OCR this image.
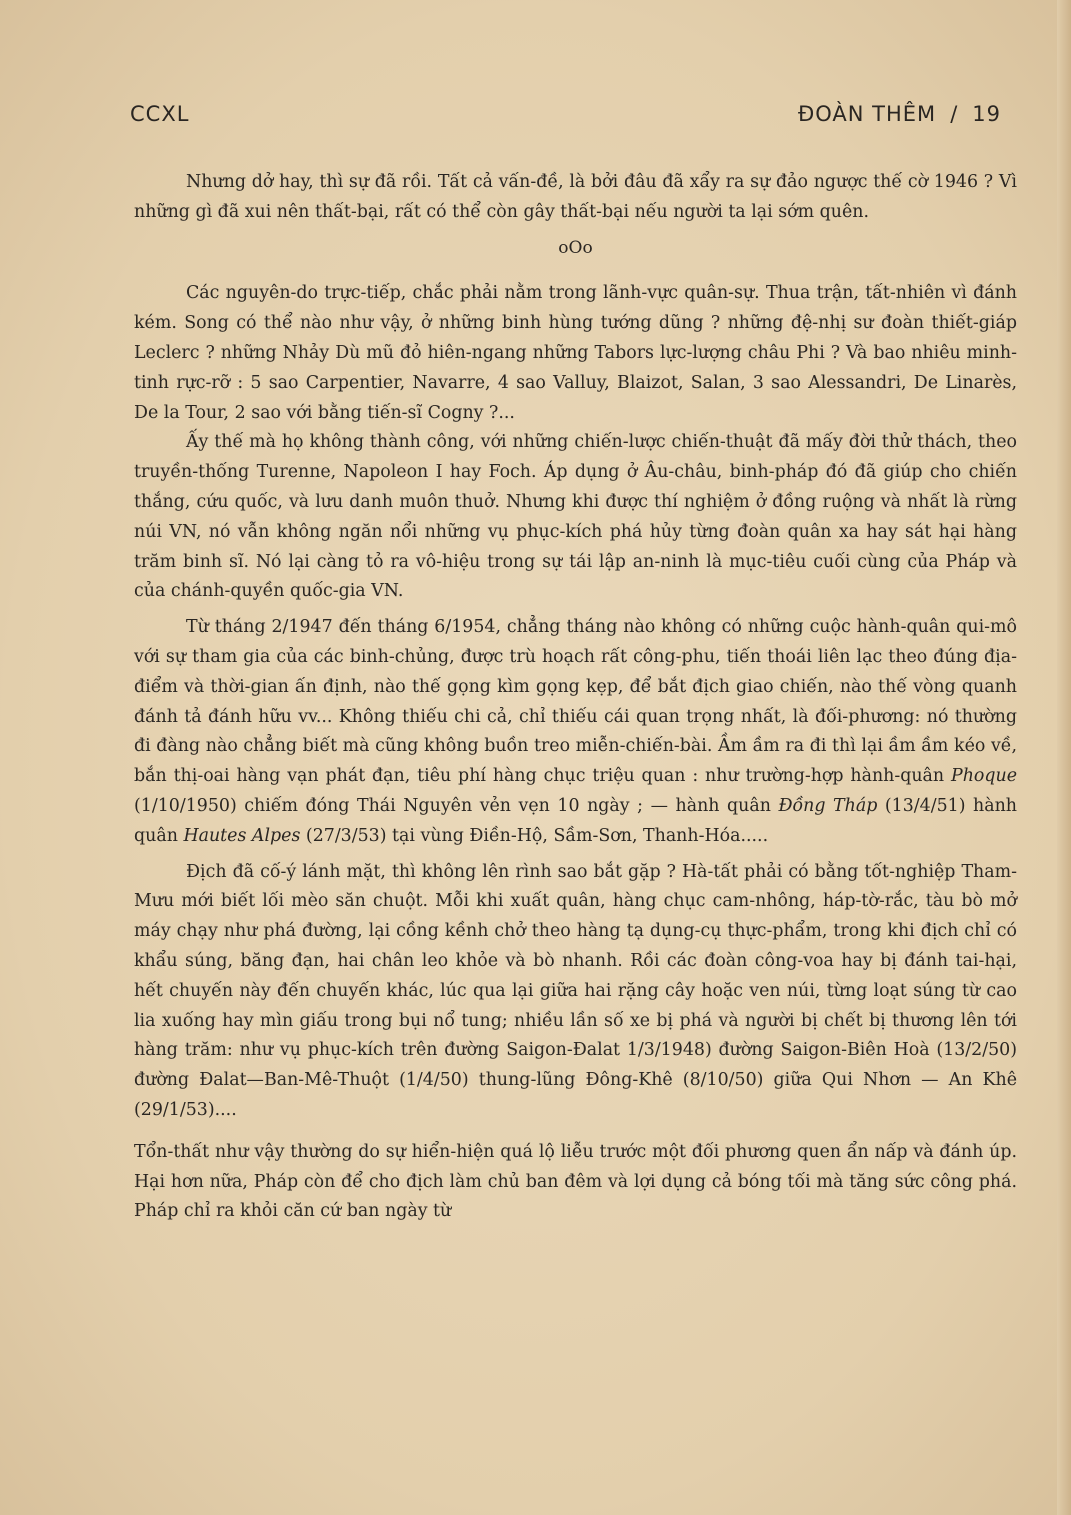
CCXL	ĐOÀN THÊM / 19

Nhưng dở hay, thì sự đã rồi. Tất cả vấn-đề, là bởi đâu đã xẩy ra sự đảo ngược thế cờ 1946 ? Vì những gì đã xui nên thất-bại, rất có thể còn gây thất-bại nếu người ta lại sớm quên.

oOo

Các nguyên-do trực-tiếp, chắc phải nằm trong lãnh-vực quân-sự. Thua trận, tất-nhiên vì đánh kém. Song có thể nào như vậy, ở những binh hùng tướng dũng ? những đệ-nhị sư đoàn thiết-giáp Leclerc ? những Nhảy Dù mũ đỏ hiên-ngang những Tabors lực-lượng châu Phi ? Và bao nhiêu minh-tinh rực-rỡ : 5 sao Carpentier, Navarre, 4 sao Valluy, Blaizot, Salan, 3 sao Alessandri, De Linarès, De la Tour, 2 sao với bằng tiến-sĩ Cogny ?...

Ấy thế mà họ không thành công, với những chiến-lược chiến-thuật đã mấy đời thử thách, theo truyền-thống Turenne, Napoleon I hay Foch. Áp dụng ở Âu-châu, binh-pháp đó đã giúp cho chiến thắng, cứu quốc, và lưu danh muôn thuở. Nhưng khi được thí nghiệm ở đồng ruộng và nhất là rừng núi VN, nó vẫn không ngăn nổi những vụ phục-kích phá hủy từng đoàn quân xa hay sát hại hàng trăm binh sĩ. Nó lại càng tỏ ra vô-hiệu trong sự tái lập an-ninh là mục-tiêu cuối cùng của Pháp và của chánh-quyền quốc-gia VN.

Từ tháng 2/1947 đến tháng 6/1954, chẳng tháng nào không có những cuộc hành-quân qui-mô với sự tham gia của các binh-chủng, được trù hoạch rất công-phu, tiến thoái liên lạc theo đúng địa-điểm và thời-gian ấn định, nào thế gọng kìm gọng kẹp, để bắt địch giao chiến, nào thế vòng quanh đánh tả đánh hữu vv... Không thiếu chi cả, chỉ thiếu cái quan trọng nhất, là đối-phương: nó thường đi đàng nào chẳng biết mà cũng không buồn treo miễn-chiến-bài. Ầm ầm ra đi thì lại ầm ầm kéo về, bắn thị-oai hàng vạn phát đạn, tiêu phí hàng chục triệu quan : như trường-hợp hành-quân Phoque (1/10/1950) chiếm đóng Thái Nguyên vẻn vẹn 10 ngày ; — hành quân Đồng Tháp (13/4/51) hành quân Hautes Alpes (27/3/53) tại vùng Điền-Hộ, Sầm-Sơn, Thanh-Hóa.....

Địch đã cố-ý lánh mặt, thì không lên rình sao bắt gặp ? Hà-tất phải có bằng tốt-nghiệp Tham-Mưu mới biết lối mèo săn chuột. Mỗi khi xuất quân, hàng chục cam-nhông, háp-tờ-rắc, tàu bò mở máy chạy như phá đường, lại cồng kềnh chở theo hàng tạ dụng-cụ thực-phẩm, trong khi địch chỉ có khẩu súng, băng đạn, hai chân leo khỏe và bò nhanh. Rồi các đoàn công-voa hay bị đánh tai-hại, hết chuyến này đến chuyến khác, lúc qua lại giữa hai rặng cây hoặc ven núi, từng loạt súng từ cao lia xuống hay mìn giấu trong bụi nổ tung; nhiều lần số xe bị phá và người bị chết bị thương lên tới hàng trăm: như vụ phục-kích trên đường Saigon-Đalat 1/3/1948) đường Saigon-Biên Hoà (13/2/50) đường Đalat—Ban-Mê-Thuột (1/4/50) thung-lũng Đông-Khê (8/10/50) giữa Qui Nhơn — An Khê (29/1/53)....

Tổn-thất như vậy thường do sự hiển-hiện quá lộ liễu trước một đối phương quen ẩn nấp và đánh úp. Hại hơn nữa, Pháp còn để cho địch làm chủ ban đêm và lợi dụng cả bóng tối mà tăng sức công phá. Pháp chỉ ra khỏi căn cứ ban ngày từ
